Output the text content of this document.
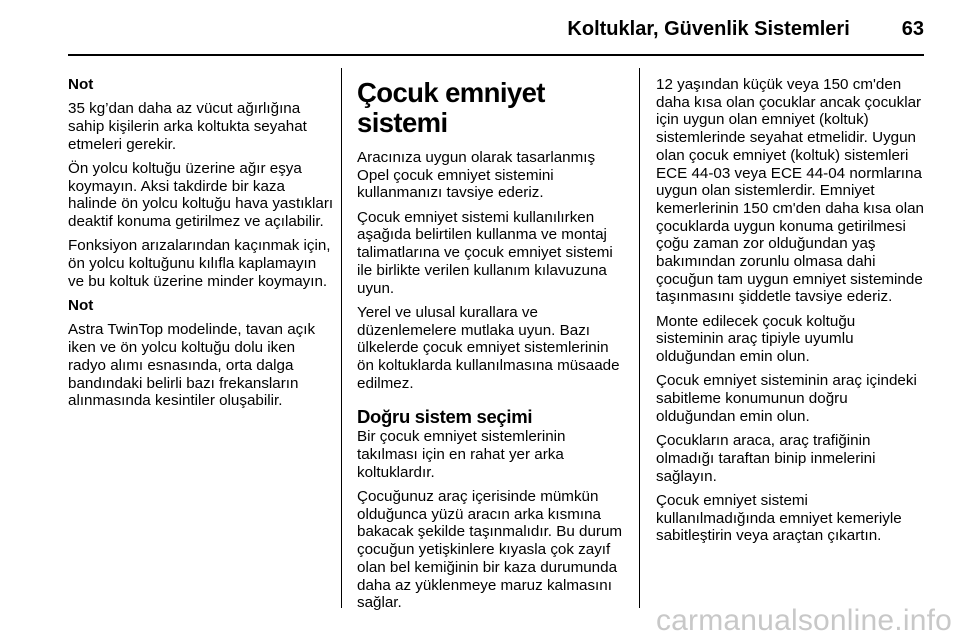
Koltuklar, Güvenlik Sistemleri	63

Not

35 kg’dan daha az vücut ağırlığına sahip kişilerin arka koltukta seyahat etmeleri gerekir.

Ön yolcu koltuğu üzerine ağır eşya koymayın. Aksi takdirde bir kaza halinde ön yolcu koltuğu hava yastıkları deaktif konuma getirilmez ve açılabilir.

Fonksiyon arızalarından kaçınmak için, ön yolcu koltuğunu kılıfla kaplamayın ve bu koltuk üzerine minder koymayın.

Not

Astra TwinTop modelinde, tavan açık iken ve ön yolcu koltuğu dolu iken radyo alımı esnasında, orta dalga bandındaki belirli bazı frekansların alınmasında kesintiler oluşabilir.

Çocuk emniyet sistemi

Aracınıza uygun olarak tasarlanmış Opel çocuk emniyet sistemini kullanmanızı tavsiye ederiz.

Çocuk emniyet sistemi kullanılırken aşağıda belirtilen kullanma ve montaj talimatlarına ve çocuk emniyet sistemi ile birlikte verilen kullanım kılavuzuna uyun.

Yerel ve ulusal kurallara ve düzenlemelere mutlaka uyun. Bazı ülkelerde çocuk emniyet sistemlerinin ön koltuklarda kullanılmasına müsaade edilmez.

Doğru sistem seçimi

Bir çocuk emniyet sistemlerinin takılması için en rahat yer arka koltuklardır.

Çocuğunuz araç içerisinde mümkün olduğunca yüzü aracın arka kısmına bakacak şekilde taşınmalıdır. Bu durum çocuğun yetişkinlere kıyasla çok zayıf olan bel kemiğinin bir kaza durumunda daha az yüklenmeye maruz kalmasını sağlar.

12 yaşından küçük veya 150 cm'den daha kısa olan çocuklar ancak çocuklar için uygun olan emniyet (koltuk) sistemlerinde seyahat etmelidir. Uygun olan çocuk emniyet (koltuk) sistemleri ECE 44-03 veya ECE 44-04 normlarına uygun olan sistemlerdir. Emniyet kemerlerinin 150 cm'den daha kısa olan çocuklarda uygun konuma getirilmesi çoğu zaman zor olduğundan yaş bakımından zorunlu olmasa dahi çocuğun tam uygun emniyet sisteminde taşınmasını şiddetle tavsiye ederiz.

Monte edilecek çocuk koltuğu sisteminin araç tipiyle uyumlu olduğundan emin olun.

Çocuk emniyet sisteminin araç içindeki sabitleme konumunun doğru olduğundan emin olun.

Çocukların araca, araç trafiğinin olmadığı taraftan binip inmelerini sağlayın.

Çocuk emniyet sistemi kullanılmadığında emniyet kemeriyle sabitleştirin veya araçtan çıkartın.

carmanualsonline.info
